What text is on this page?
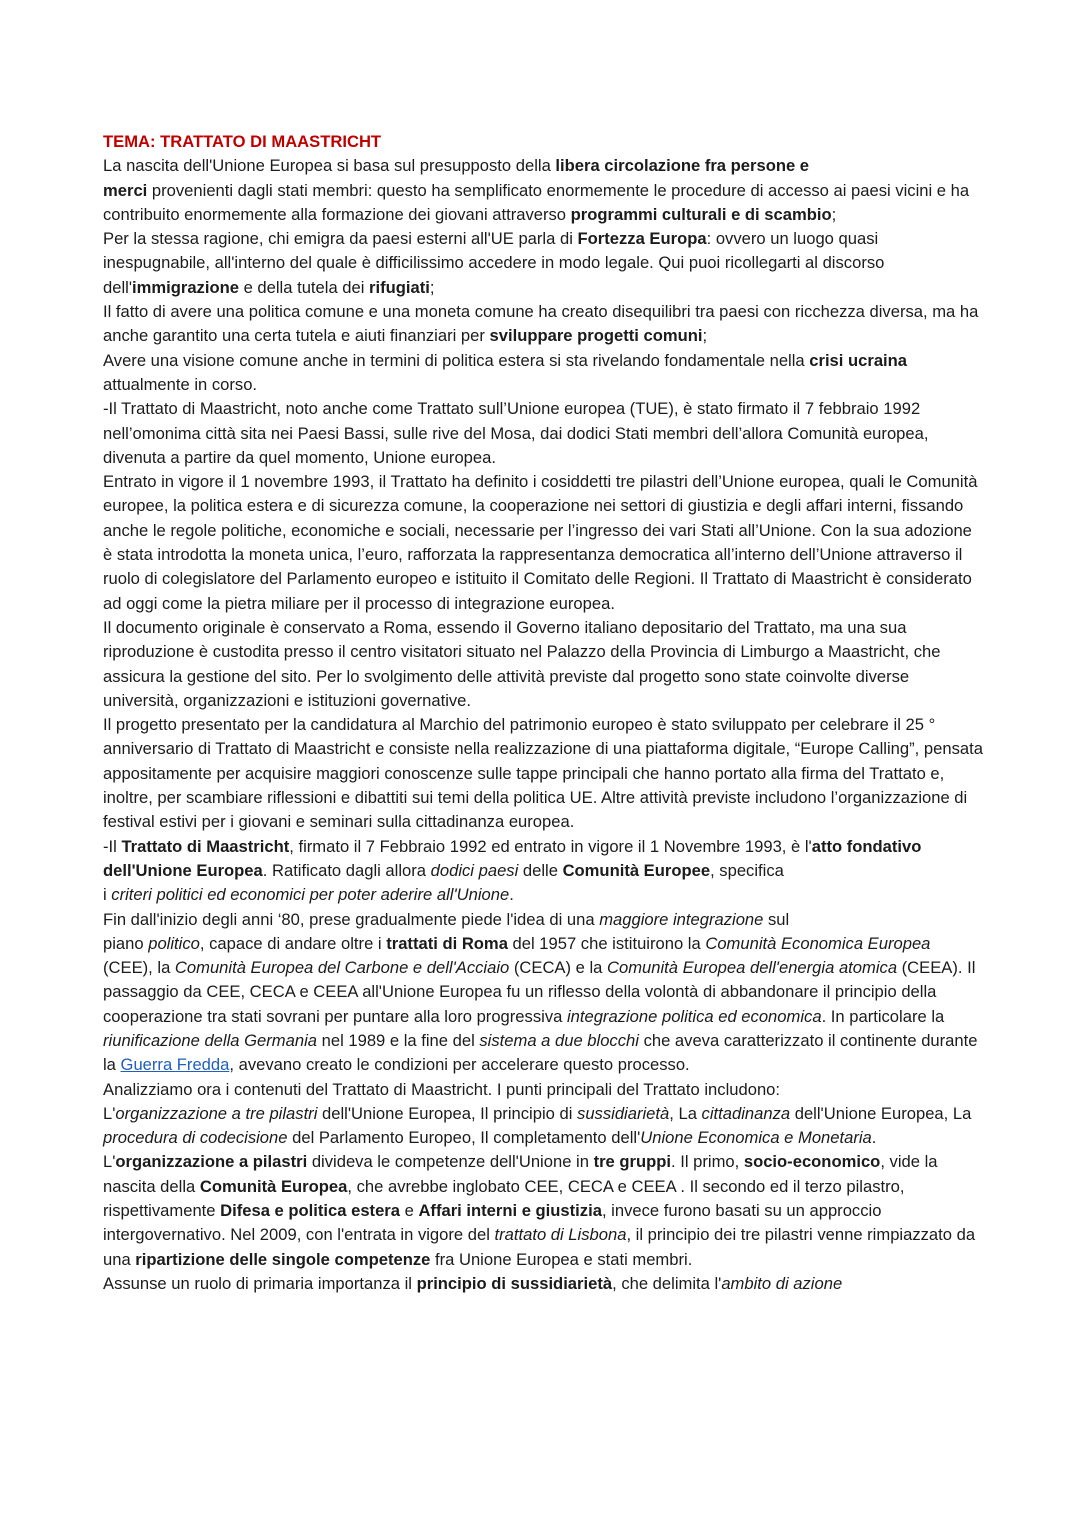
TEMA: TRATTATO DI MAASTRICHT

La nascita dell'Unione Europea si basa sul presupposto della libera circolazione fra persone e
merci provenienti dagli stati membri: questo ha semplificato enormemente le procedure di accesso ai paesi vicini e ha contribuito enormemente alla formazione dei giovani attraverso programmi culturali e di scambio;

Per la stessa ragione, chi emigra da paesi esterni all'UE parla di Fortezza Europa: ovvero un luogo quasi inespugnabile, all'interno del quale è difficilissimo accedere in modo legale. Qui puoi ricollegarti al discorso dell'immigrazione e della tutela dei rifugiati;

Il fatto di avere una politica comune e una moneta comune ha creato disequilibri tra paesi con ricchezza diversa, ma ha anche garantito una certa tutela e aiuti finanziari per sviluppare progetti comuni;

Avere una visione comune anche in termini di politica estera si sta rivelando fondamentale nella crisi ucraina attualmente in corso.

-Il Trattato di Maastricht, noto anche come Trattato sull’Unione europea (TUE), è stato firmato il 7 febbraio 1992 nell’omonima città sita nei Paesi Bassi, sulle rive del Mosa, dai dodici Stati membri dell’allora Comunità europea, divenuta a partire da quel momento, Unione europea.

Entrato in vigore il 1 novembre 1993, il Trattato ha definito i cosiddetti tre pilastri dell’Unione europea, quali le Comunità europee, la politica estera e di sicurezza comune, la cooperazione nei settori di giustizia e degli affari interni, fissando anche le regole politiche, economiche e sociali, necessarie per l’ingresso dei vari Stati all’Unione. Con la sua adozione è stata introdotta la moneta unica, l’euro, rafforzata la rappresentanza democratica all’interno dell’Unione attraverso il ruolo di colegislatore del Parlamento europeo e istituito il Comitato delle Regioni. Il Trattato di Maastricht è considerato ad oggi come la pietra miliare per il processo di integrazione europea.

Il documento originale è conservato a Roma, essendo il Governo italiano depositario del Trattato, ma una sua riproduzione è custodita presso il centro visitatori situato nel Palazzo della Provincia di Limburgo a Maastricht, che assicura la gestione del sito. Per lo svolgimento delle attività previste dal progetto sono state coinvolte diverse università, organizzazioni e istituzioni governative.

Il progetto presentato per la candidatura al Marchio del patrimonio europeo è stato sviluppato per celebrare il 25 ° anniversario di Trattato di Maastricht e consiste nella realizzazione di una piattaforma digitale, “Europe Calling”, pensata appositamente per acquisire maggiori conoscenze sulle tappe principali che hanno portato alla firma del Trattato e, inoltre, per scambiare riflessioni e dibattiti sui temi della politica UE. Altre attività previste includono l’organizzazione di festival estivi per i giovani e seminari sulla cittadinanza europea.

-Il Trattato di Maastricht, firmato il 7 Febbraio 1992 ed entrato in vigore il 1 Novembre 1993, è l'atto fondativo dell'Unione Europea. Ratificato dagli allora dodici paesi delle Comunità Europee, specifica
i criteri politici ed economici per poter aderire all'Unione.

Fin dall'inizio degli anni ‘80, prese gradualmente piede l'idea di una maggiore integrazione sul
piano politico, capace di andare oltre i trattati di Roma del 1957 che istituirono la Comunità Economica Europea (CEE), la Comunità Europea del Carbone e dell'Acciaio (CECA) e la Comunità Europea dell'energia atomica (CEEA). Il passaggio da CEE, CECA e CEEA all'Unione Europea fu un riflesso della volontà di abbandonare il principio della cooperazione tra stati sovrani per puntare alla loro progressiva integrazione politica ed economica. In particolare la riunificazione della Germania nel 1989 e la fine del sistema a due blocchi che aveva caratterizzato il continente durante la Guerra Fredda, avevano creato le condizioni per accelerare questo processo.

Analizziamo ora i contenuti del Trattato di Maastricht. I punti principali del Trattato includono:
L'organizzazione a tre pilastri dell'Unione Europea, Il principio di sussidiarietà, La cittadinanza dell'Unione Europea, La procedura di codecisione del Parlamento Europeo, Il completamento dell'Unione Economica e Monetaria.

L'organizzazione a pilastri divideva le competenze dell'Unione in tre gruppi. Il primo, socio-economico, vide la nascita della Comunità Europea, che avrebbe inglobato CEE, CECA e CEEA . Il secondo ed il terzo pilastro, rispettivamente Difesa e politica estera e Affari interni e giustizia, invece furono basati su un approccio intergovernativo. Nel 2009, con l'entrata in vigore del trattato di Lisbona, il principio dei tre pilastri venne rimpiazzato da una ripartizione delle singole competenze fra Unione Europea e stati membri.

Assunse un ruolo di primaria importanza il principio di sussidiarietà, che delimita l'ambito di azione
